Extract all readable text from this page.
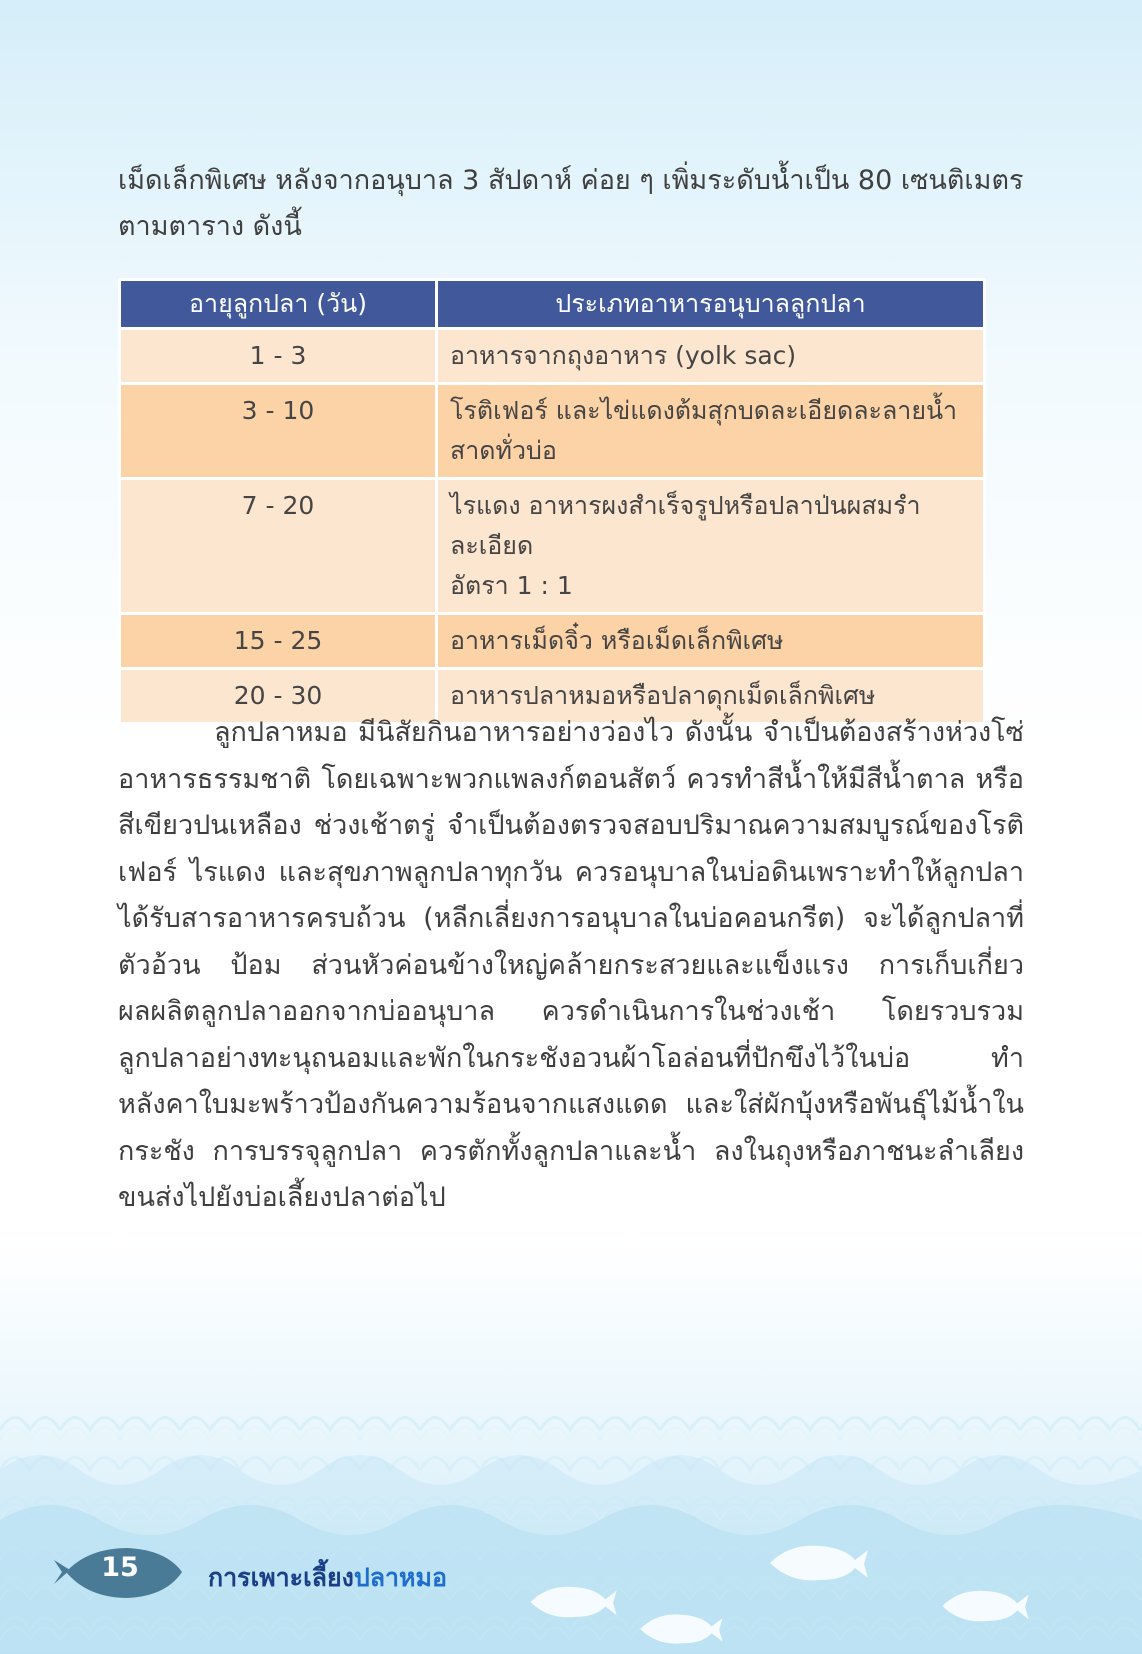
เม็ดเล็กพิเศษ หลังจากอนุบาล 3 สัปดาห์ ค่อย ๆ เพิ่มระดับน้ำเป็น 80 เซนติเมตร

ตามตาราง ดังนี้

อายุลูกปลา (วัน)	ประเภทอาหารอนุบาลลูกปลา
1 - 3	อาหารจากถุงอาหาร (yolk sac)
3 - 10	โรติเฟอร์ และไข่แดงต้มสุกบดละเอียดละลายน้ำ
สาดทั่วบ่อ

7 - 20	ไรแดง อาหารผงสำเร็จรูปหรือปลาป่นผสมรำละเอียด
อัตรา 1 : 1

15 - 25	อาหารเม็ดจิ๋ว หรือเม็ดเล็กพิเศษ
20 - 30	อาหารปลาหมอหรือปลาดุกเม็ดเล็กพิเศษ

ลูกปลาหมอ มีนิสัยกินอาหารอย่างว่องไว ดังนั้น จำเป็นต้องสร้างห่วงโซ่อาหารธรรมชาติ โดยเฉพาะพวกแพลงก์ตอนสัตว์ ควรทำสีน้ำให้มีสีน้ำตาล หรือสีเขียวปนเหลือง ช่วงเช้าตรู่ จำเป็นต้องตรวจสอบปริมาณความสมบูรณ์ของโรติเฟอร์ ไรแดง และสุขภาพลูกปลาทุกวัน ควรอนุบาลในบ่อดินเพราะทำให้ลูกปลาได้รับสารอาหารครบถ้วน (หลีกเลี่ยงการอนุบาลในบ่อคอนกรีต) จะได้ลูกปลาที่ตัวอ้วน ป้อม ส่วนหัวค่อนข้างใหญ่คล้ายกระสวยและแข็งแรง การเก็บเกี่ยวผลผลิตลูกปลาออกจากบ่ออนุบาล ควรดำเนินการในช่วงเช้า โดยรวบรวมลูกปลาอย่างทะนุถนอมและพักในกระชังอวนผ้าโอล่อนที่ปักขึงไว้ในบ่อ ทำหลังคาใบมะพร้าวป้องกันความร้อนจากแสงแดด และใส่ผักบุ้งหรือพันธุ์ไม้น้ำในกระชัง การบรรจุลูกปลา ควรตักทั้งลูกปลาและน้ำ ลงในถุงหรือภาชนะลำเลียงขนส่งไปยังบ่อเลี้ยงปลาต่อไป

15	การเพาะเลี้ยงปลาหมอ
